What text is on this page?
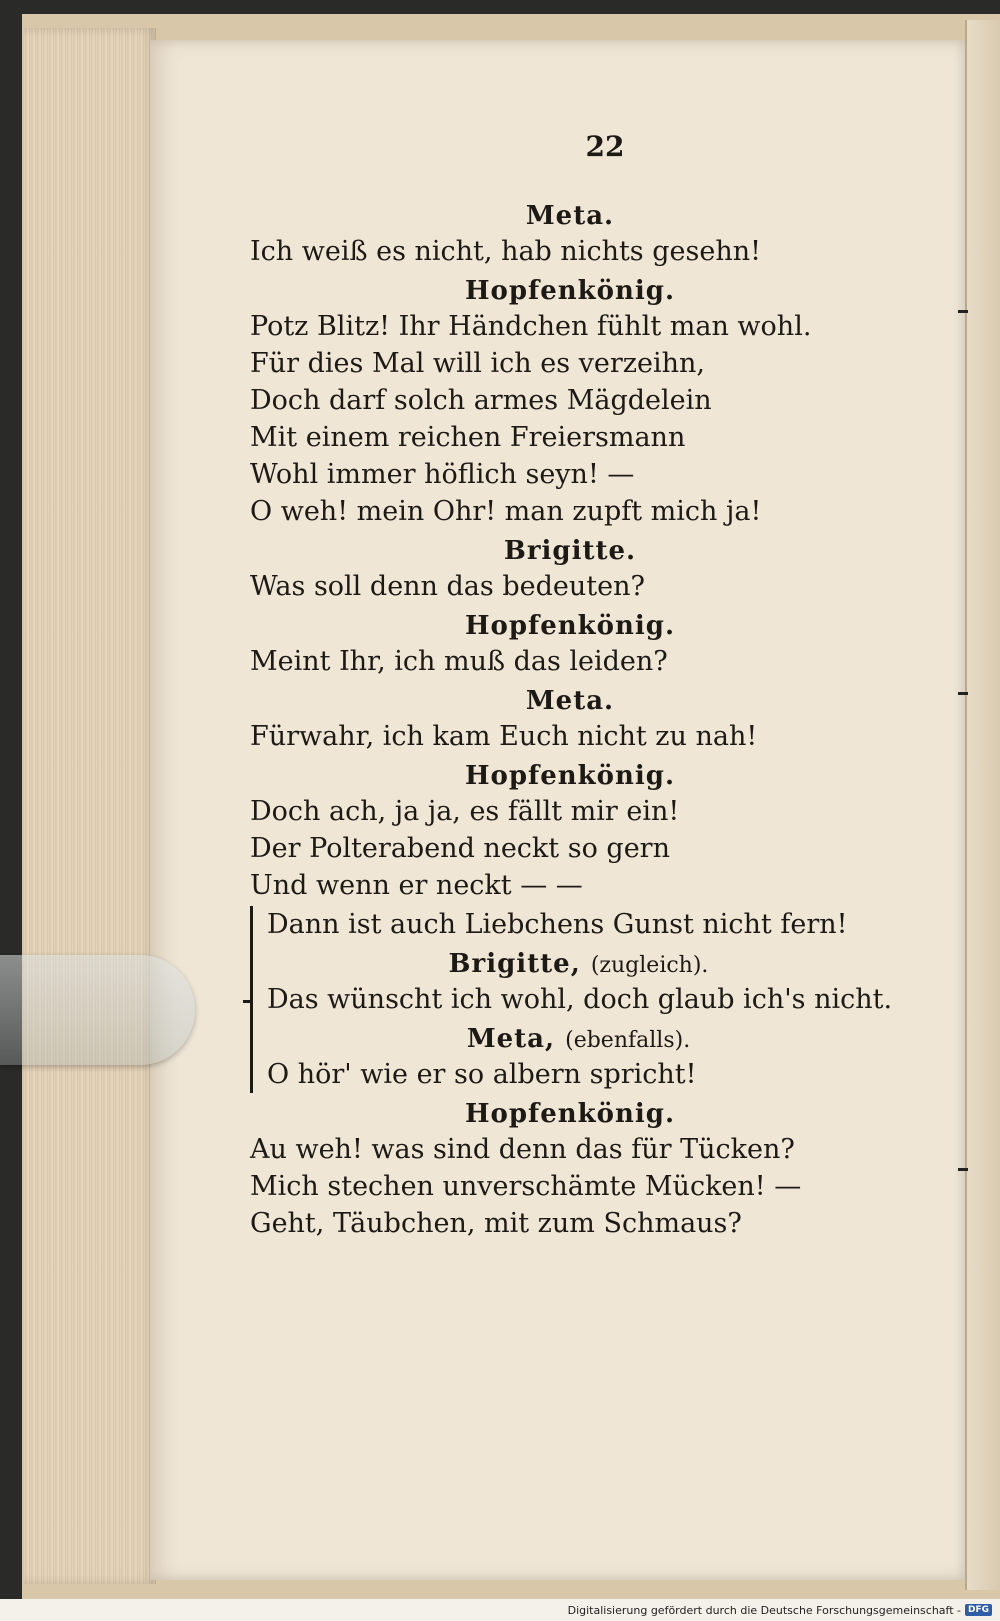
22
Meta.
Ich weiß es nicht, hab nichts gesehn!
Hopfenkönig.
Potz Blitz! Ihr Händchen fühlt man wohl.
Für dies Mal will ich es verzeihn,
Doch darf solch armes Mägdelein
Mit einem reichen Freiersmann
Wohl immer höflich seyn! —
O weh! mein Ohr! man zupft mich ja!
Brigitte.
Was soll denn das bedeuten?
Hopfenkönig.
Meint Ihr, ich muß das leiden?
Meta.
Fürwahr, ich kam Euch nicht zu nah!
Hopfenkönig.
Doch ach, ja ja, es fällt mir ein!
Der Polterabend neckt so gern
Und wenn er neckt — —
Dann ist auch Liebchens Gunst nicht fern!
Brigitte, (zugleich).
Das wünscht ich wohl, doch glaub ich's nicht.
Meta, (ebenfalls).
O hör' wie er so albern spricht!
Hopfenkönig.
Au weh! was sind denn das für Tücken?
Mich stechen unverschämte Mücken! —
Geht, Täubchen, mit zum Schmaus?
Digitalisierung gefördert durch die Deutsche Forschungsgemeinschaft - DFG
